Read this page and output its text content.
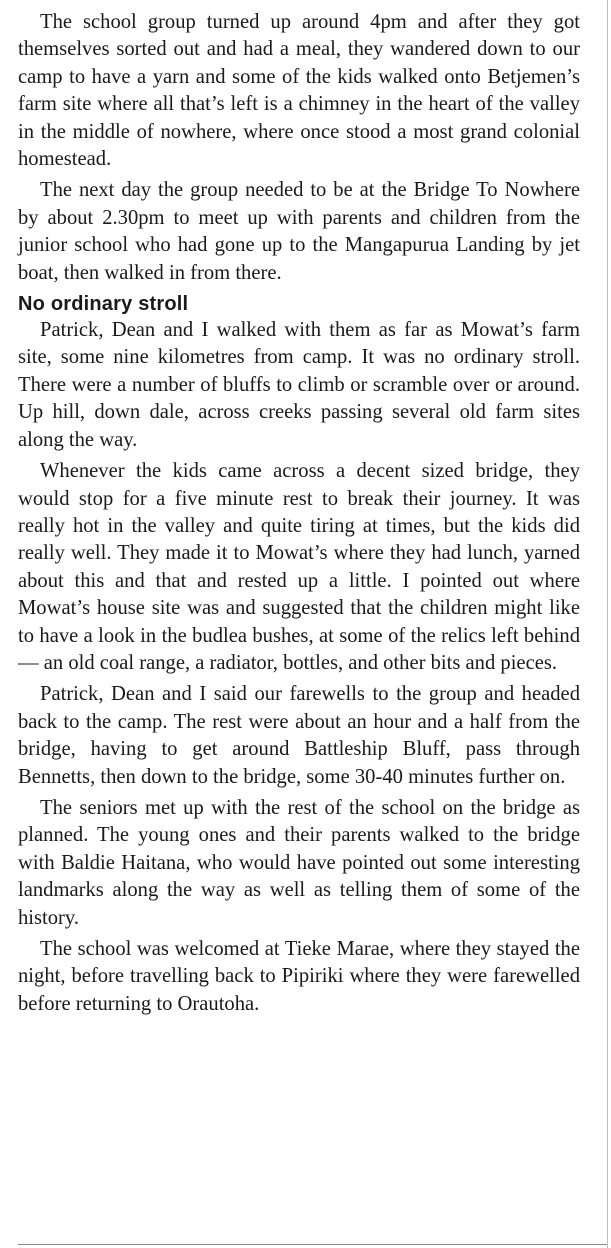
The school group turned up around 4pm and after they got themselves sorted out and had a meal, they wandered down to our camp to have a yarn and some of the kids walked onto Betjemen’s farm site where all that’s left is a chimney in the heart of the valley in the middle of nowhere, where once stood a most grand colonial homestead.

The next day the group needed to be at the Bridge To Nowhere by about 2.30pm to meet up with parents and children from the junior school who had gone up to the Mangapurua Landing by jet boat, then walked in from there.

No ordinary stroll

Patrick, Dean and I walked with them as far as Mowat’s farm site, some nine kilometres from camp. It was no ordinary stroll. There were a number of bluffs to climb or scramble over or around. Up hill, down dale, across creeks passing several old farm sites along the way.

Whenever the kids came across a decent sized bridge, they would stop for a five minute rest to break their journey. It was really hot in the valley and quite tiring at times, but the kids did really well. They made it to Mowat’s where they had lunch, yarned about this and that and rested up a little. I pointed out where Mowat’s house site was and suggested that the children might like to have a look in the budlea bushes, at some of the relics left behind — an old coal range, a radiator, bottles, and other bits and pieces.

Patrick, Dean and I said our farewells to the group and headed back to the camp. The rest were about an hour and a half from the bridge, having to get around Battleship Bluff, pass through Bennetts, then down to the bridge, some 30-40 minutes further on.

The seniors met up with the rest of the school on the bridge as planned. The young ones and their parents walked to the bridge with Baldie Haitana, who would have pointed out some interesting landmarks along the way as well as telling them of some of the history.

The school was welcomed at Tieke Marae, where they stayed the night, before travelling back to Pipiriki where they were farewelled before returning to Orautoha.
